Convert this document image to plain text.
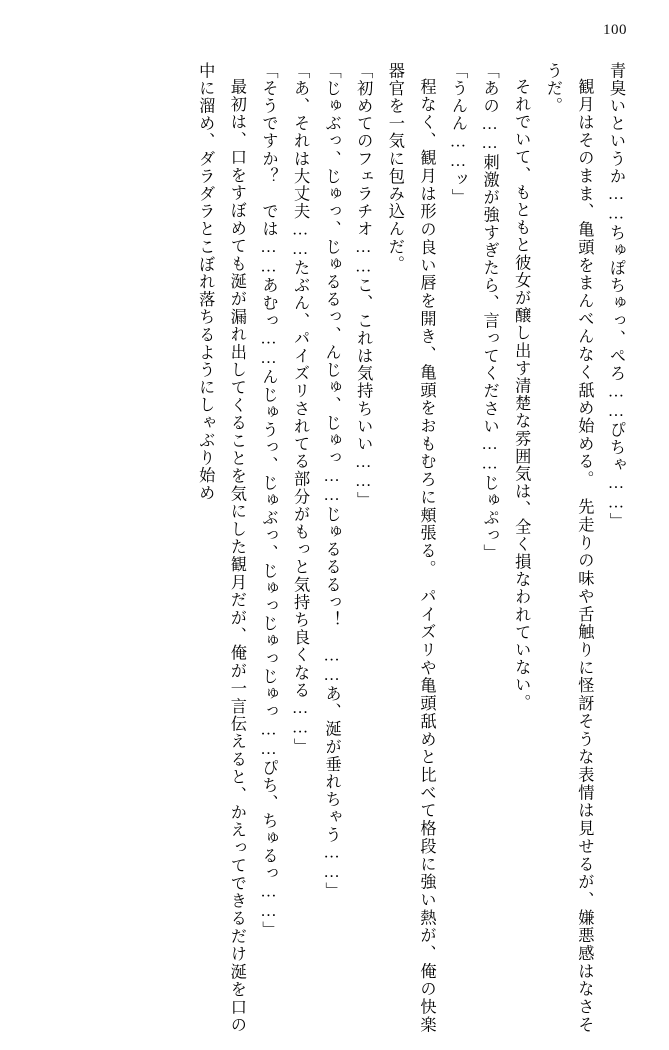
100
青臭いというか……ちゅぽちゅっ、ぺろ……ぴちゃ……」
観月はそのまま、亀頭をまんべんなく舐め始める。　先走りの味や舌触りに怪訝そうな表情は見せるが、嫌悪感はなさそうだ。
それでいて、もともと彼女が醸し出す清楚な雰囲気は、全く損なわれていない。
「あの……刺激が強すぎたら、言ってください……じゅぷっ」
「うんん……ッ」
程なく、観月は形の良い唇を開き、亀頭をおもむろに頬張る。　パイズリや亀頭舐めと比べて格段に強い熱が、俺の快楽器官を一気に包み込んだ。
「初めてのフェラチオ……こ、これは気持ちいい……」
「じゅぶっ、じゅっ、じゅるるっ、んじゅ、じゅっ……じゅるるるっ！　……あ、涎が垂れちゃう……」
「あ、それは大丈夫……たぶん、パイズリされてる部分がもっと気持ち良くなる……」
「そうですか？　では……あむっ……んじゅうっ、じゅぶっ、じゅっじゅっじゅっ……ぴち、ちゅるっ……」
最初は、口をすぼめても涎が漏れ出してくることを気にした観月だが、俺が一言伝えると、かえってできるだけ涎を口の中に溜め、ダラダラとこぼれ落ちるようにしゃぶり始め
